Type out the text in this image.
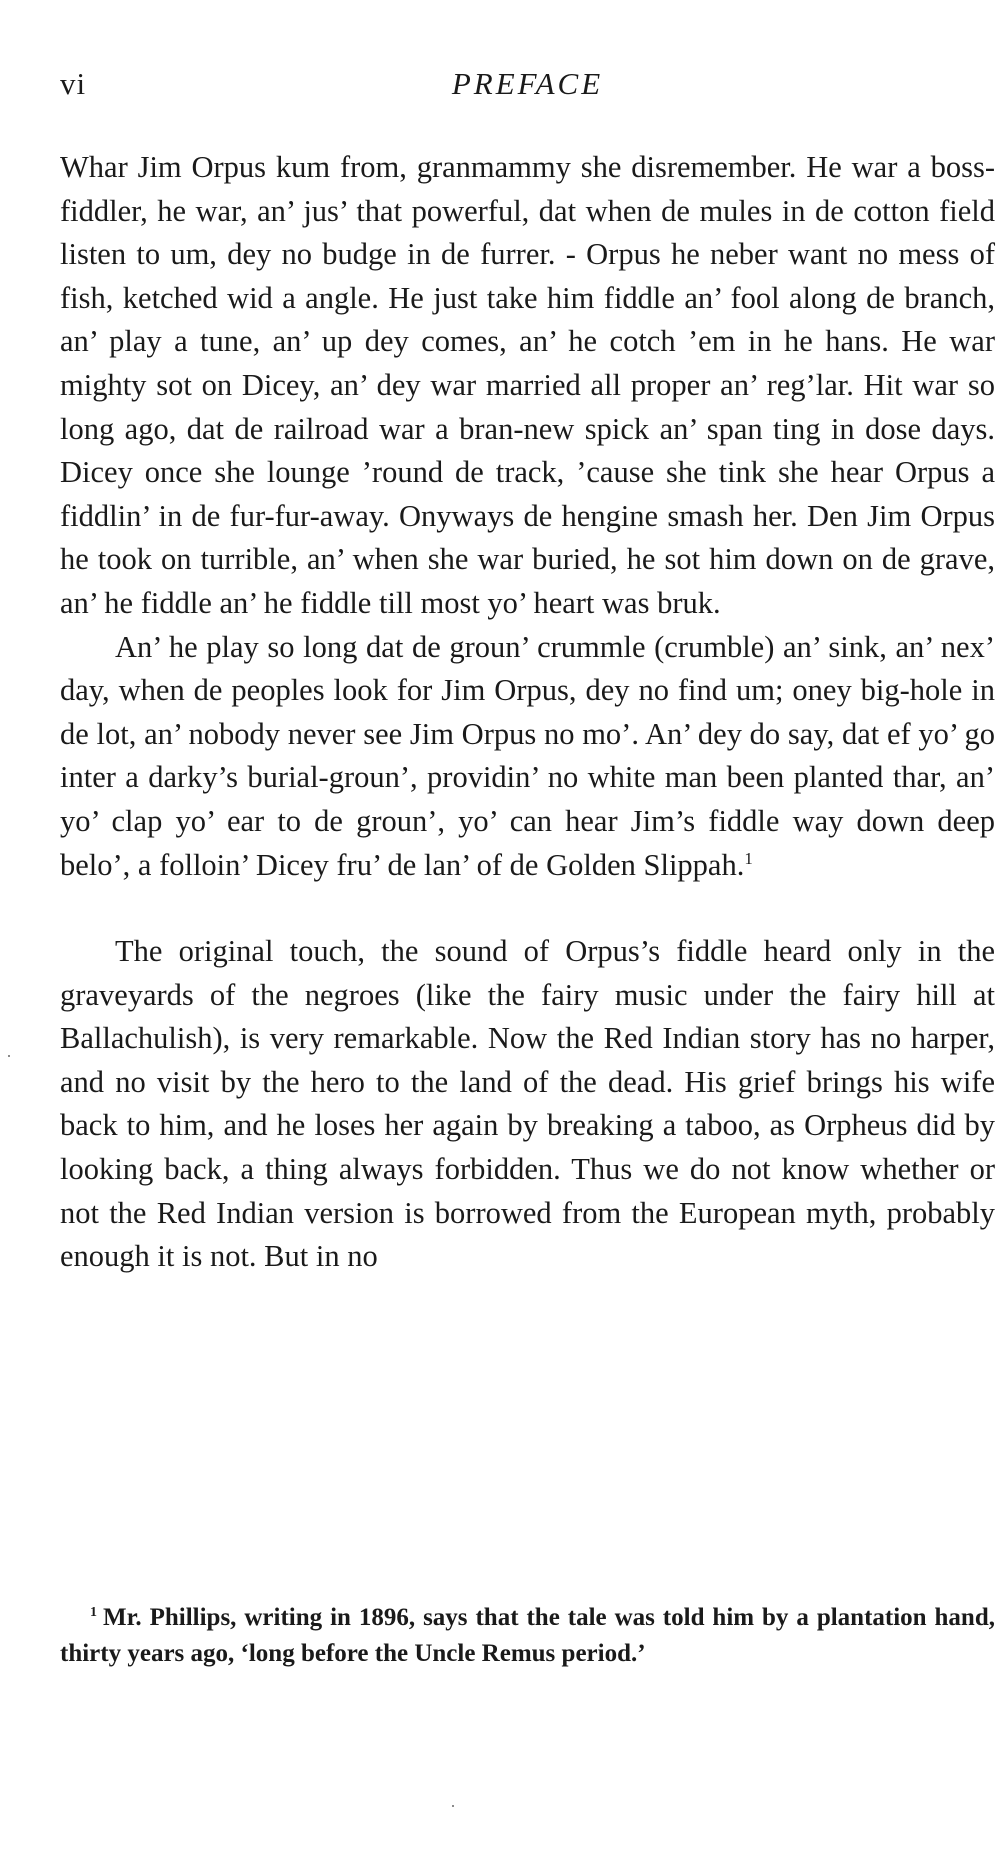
vi	PREFACE

Whar Jim Orpus kum from, granmammy she disremember. He war a boss-fiddler, he war, an’ jus’ that powerful, dat when de mules in de cotton field listen to um, dey no budge in de furrer. - Orpus he neber want no mess of fish, ketched wid a angle. He just take him fiddle an’ fool along de branch, an’ play a tune, an’ up dey comes, an’ he cotch ’em in he hans. He war mighty sot on Dicey, an’ dey war married all proper an’ reg’lar. Hit war so long ago, dat de railroad war a bran-new spick an’ span ting in dose days. Dicey once she lounge ’round de track, ’cause she tink she hear Orpus a fiddlin’ in de fur-fur-away. Onyways de hengine smash her. Den Jim Orpus he took on turrible, an’ when she war buried, he sot him down on de grave, an’ he fiddle an’ he fiddle till most yo’ heart was bruk.

An’ he play so long dat de groun’ crummle (crumble) an’ sink, an’ nex’ day, when de peoples look for Jim Orpus, dey no find um; oney big-hole in de lot, an’ nobody never see Jim Orpus no mo’. An’ dey do say, dat ef yo’ go inter a darky’s burial-groun’, providin’ no white man been planted thar, an’ yo’ clap yo’ ear to de groun’, yo’ can hear Jim’s fiddle way down deep belo’, a folloin’ Dicey fru’ de lan’ of de Golden Slippah.$^1$

The original touch, the sound of Orpus’s fiddle heard only in the graveyards of the negroes (like the fairy music under the fairy hill at Ballachulish), is very remarkable. Now the Red Indian story has no harper, and no visit by the hero to the land of the dead. His grief brings his wife back to him, and he loses her again by breaking a taboo, as Orpheus did by looking back, a thing always forbidden. Thus we do not know whether or not the Red Indian version is borrowed from the European myth, probably enough it is not. But in no

$^1$ Mr. Phillips, writing in 1896, says that the tale was told him by a plantation hand, thirty years ago, ‘long before the Uncle Remus period.’
